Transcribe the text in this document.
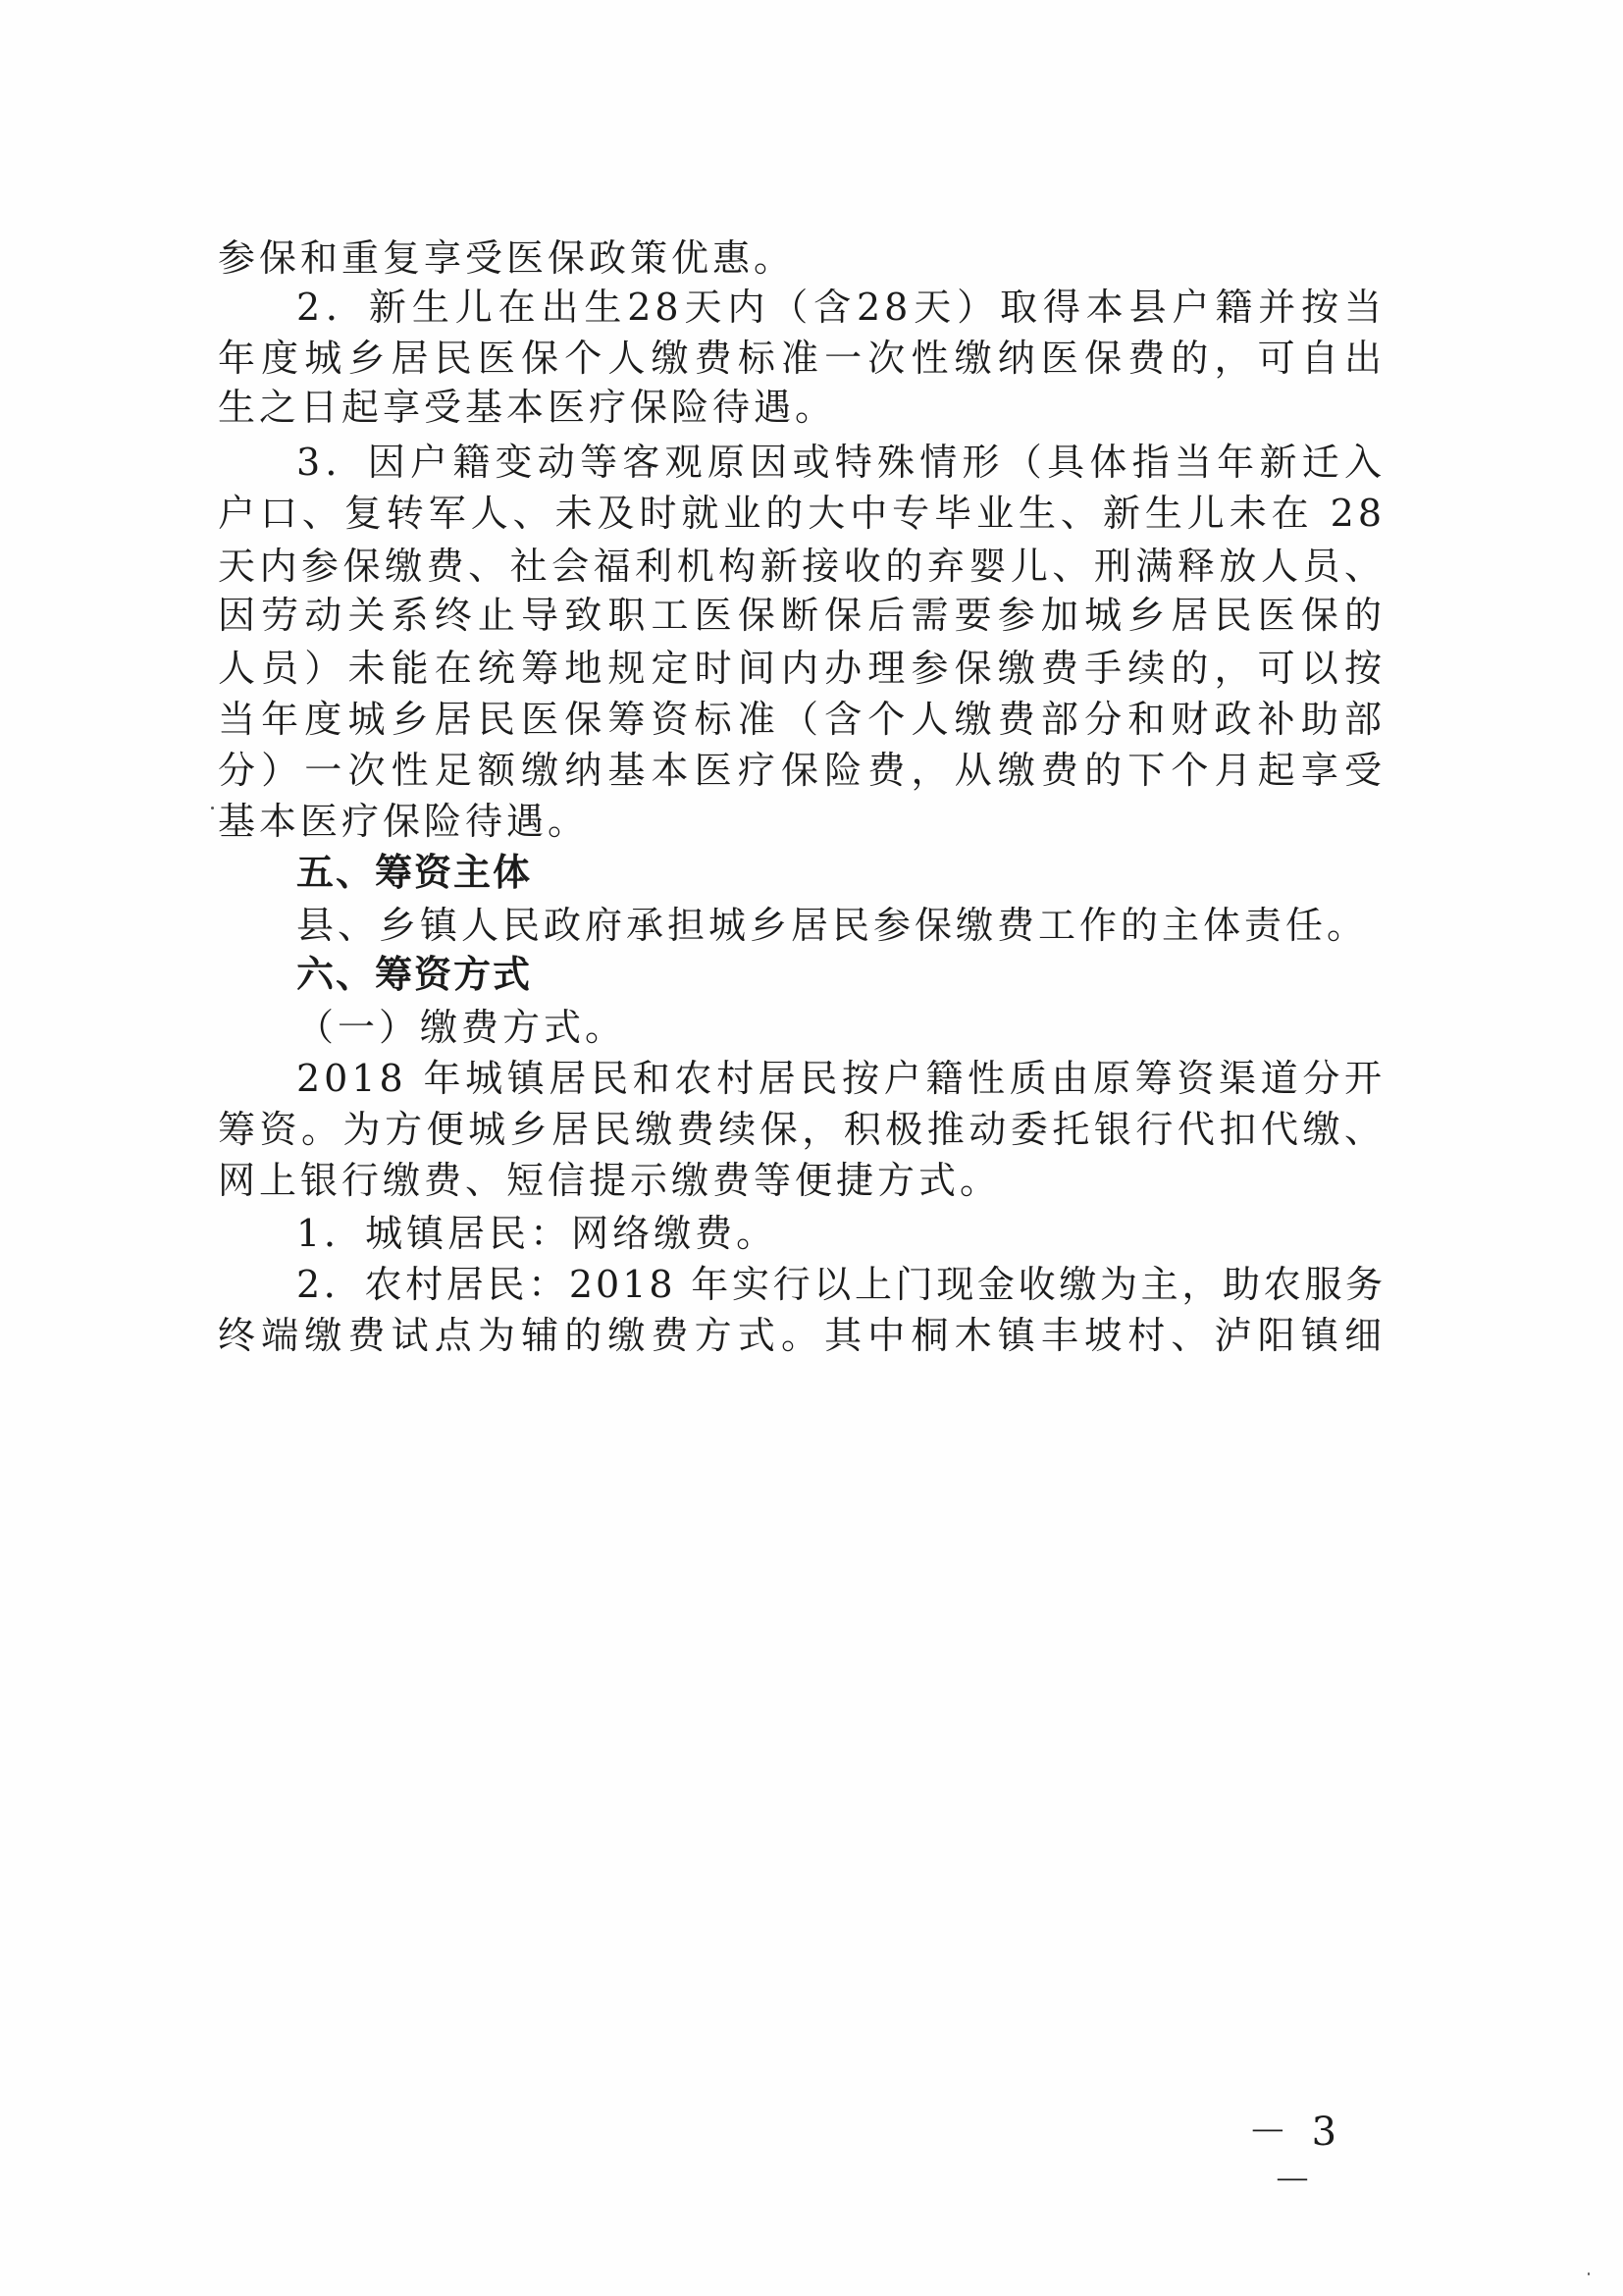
参保和重复享受医保政策优惠。
2．新生儿在出生28天内（含28天）取得本县户籍并按当
年度城乡居民医保个人缴费标准一次性缴纳医保费的，可自出
生之日起享受基本医疗保险待遇。
3．因户籍变动等客观原因或特殊情形（具体指当年新迁入
户口、复转军人、未及时就业的大中专毕业生、新生儿未在 28
天内参保缴费、社会福利机构新接收的弃婴儿、刑满释放人员、
因劳动关系终止导致职工医保断保后需要参加城乡居民医保的
人员）未能在统筹地规定时间内办理参保缴费手续的，可以按
当年度城乡居民医保筹资标准（含个人缴费部分和财政补助部
分）一次性足额缴纳基本医疗保险费，从缴费的下个月起享受
基本医疗保险待遇。
五、筹资主体
县、乡镇人民政府承担城乡居民参保缴费工作的主体责任。
六、筹资方式
（一）缴费方式。
2018 年城镇居民和农村居民按户籍性质由原筹资渠道分开
筹资。为方便城乡居民缴费续保，积极推动委托银行代扣代缴、
网上银行缴费、短信提示缴费等便捷方式。
1．城镇居民：网络缴费。
2．农村居民：2018 年实行以上门现金收缴为主，助农服务
终端缴费试点为辅的缴费方式。其中桐木镇丰坡村、泸阳镇细
－ 3 －
